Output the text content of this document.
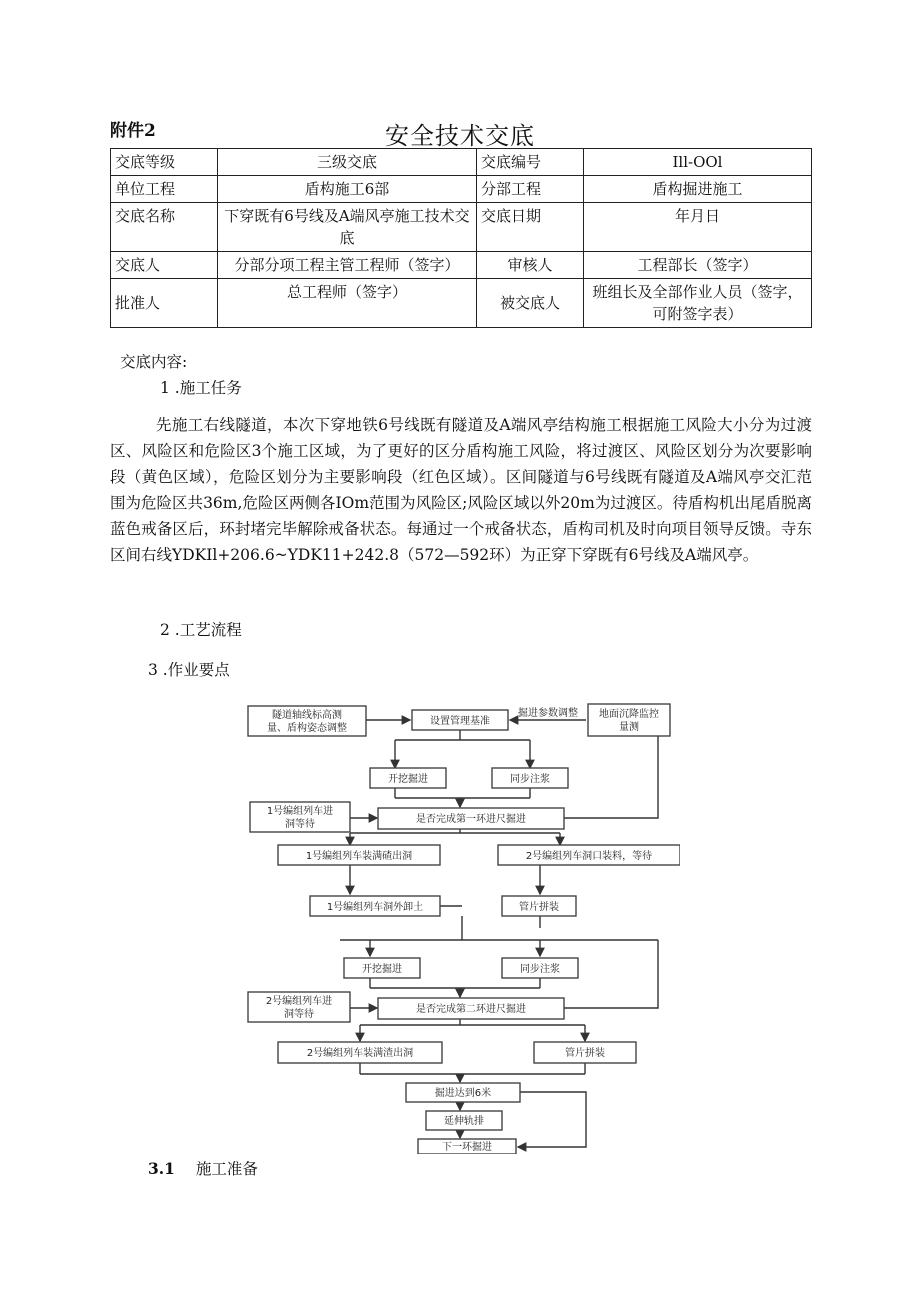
附件2	安全技术交底
交底等级	三级交底	交底编号	Ill-OOl
单位工程	盾构施工6部	分部工程	盾构掘进施工
交底名称	下穿既有6号线及A端风亭施工技术交底	交底日期	年月日
交底人	分部分项工程主管工程师（签字）	审核人	工程部长（签字）
批准人	总工程师（签字）	被交底人	班组长及全部作业人员（签字，可附签字表）
交底内容:
1 .施工任务
先施工右线隧道，本次下穿地铁6号线既有隧道及A端风亭结构施工根据施工风险大小分为过渡区、风险区和危险区3个施工区域，为了更好的区分盾构施工风险，将过渡区、风险区划分为次要影响段（黄色区域），危险区划分为主要影响段（红色区域）。区间隧道与6号线既有隧道及A端风亭交汇范围为危险区共36m,危险区两侧各IOm范围为风险区;风险区域以外20m为过渡区。待盾构机出尾盾脱离蓝色戒备区后，环封堵完毕解除戒备状态。每通过一个戒备状态，盾构司机及时向项目领导反馈。寺东区间右线YDKIl+206.6~YDK11+242.8（572—592环）为正穿下穿既有6号线及A端风亭。
2 .工艺流程
3 .作业要点
隧道轴线标高测
量、盾构姿态调整
设置管理基准
掘进参数调整 地面沉降监控
量测
开挖掘进	同步注浆
1号编组列车进
洞等待	是否完成第一环进尺掘进
1号编组列车装满碴出洞	2号编组列车洞口装料，等待
1号编组列车洞外卸土	管片拼装
开挖掘进	同步注浆
2号编组列车进
洞等待	是否完成第二环进尺掘进
2号编组列车装满渣出洞	管片拼装
掘进达到6米
延伸轨排
下一环掘进
3.1 施工准备
